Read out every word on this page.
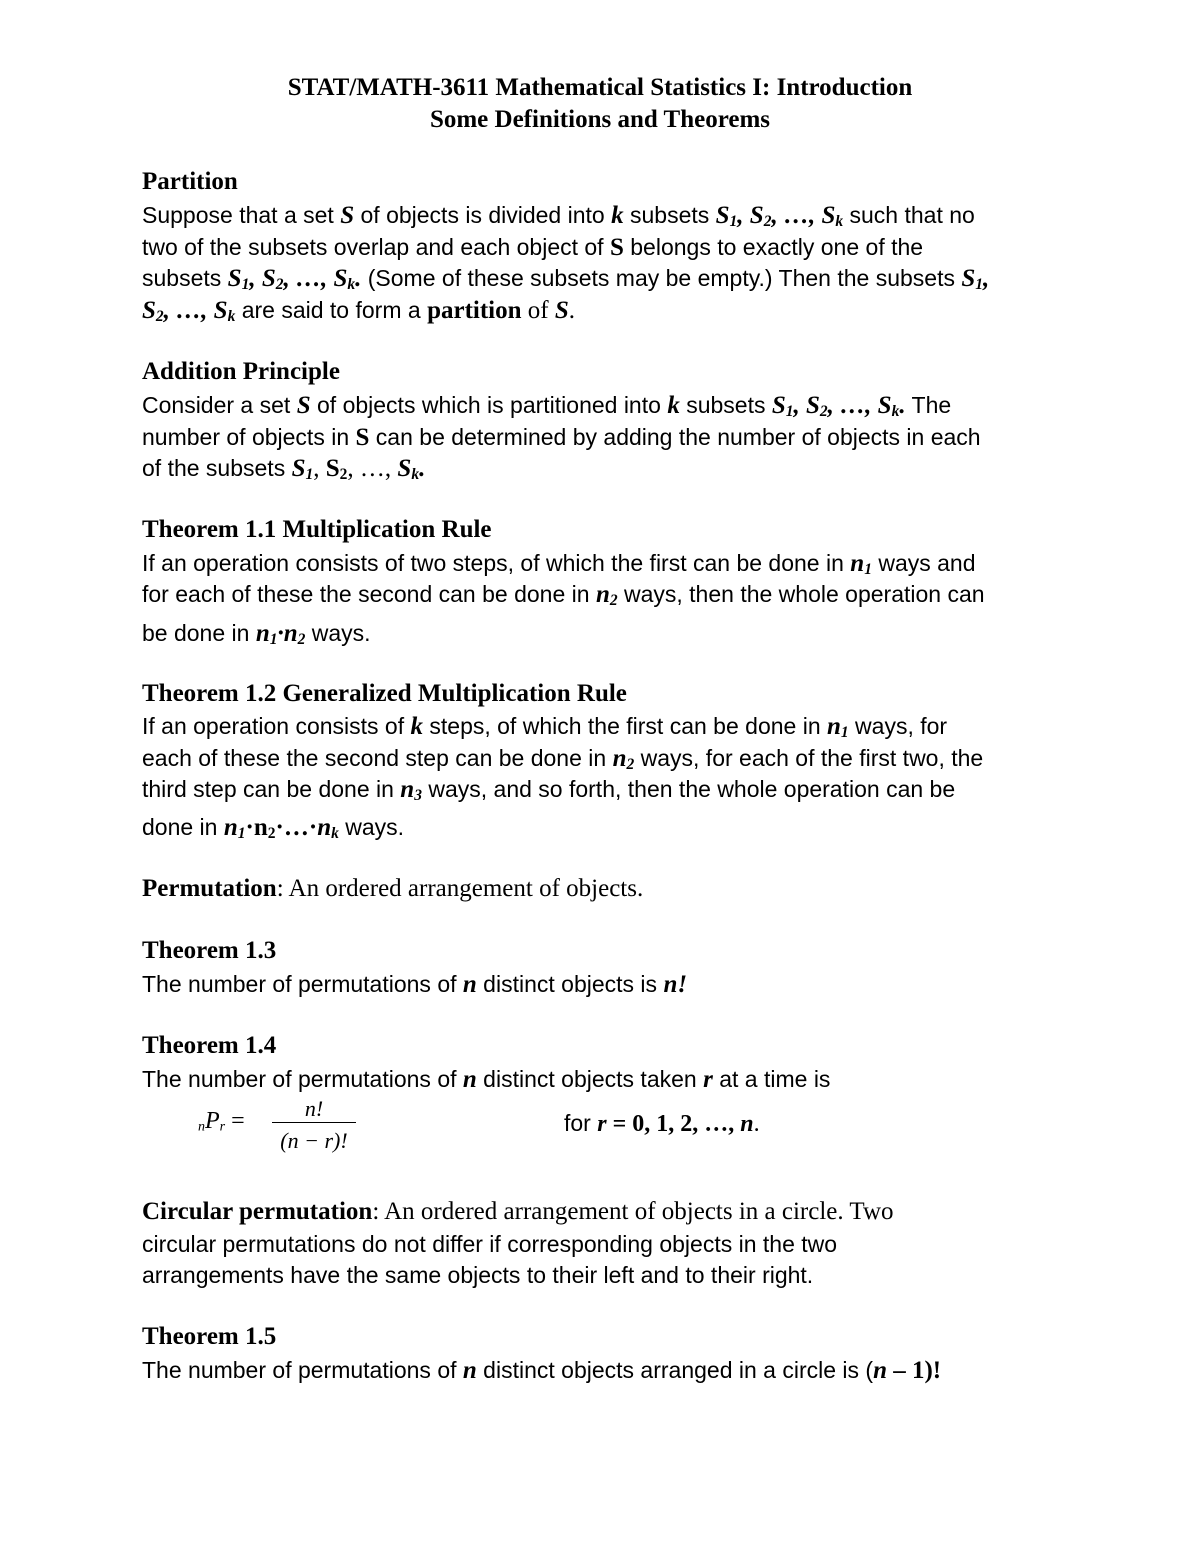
STAT/MATH-3611 Mathematical Statistics I: Introduction
Some Definitions and Theorems
Partition
Suppose that a set S of objects is divided into k subsets $S_1$, $S_2$, …, $S_k$ such that no
two of the subsets overlap and each object of S belongs to exactly one of the
subsets $S_1$, $S_2$, …, $S_k$. (Some of these subsets may be empty.) Then the subsets $S_1$,
$S_2$, …, $S_k$ are said to form a partition of S.
Addition Principle
Consider a set S of objects which is partitioned into k subsets $S_1$, $S_2$, …, $S_k$. The
number of objects in S can be determined by adding the number of objects in each
of the subsets $S_1$, $S_2$, …, $S_k$.
Theorem 1.1 Multiplication Rule
If an operation consists of two steps, of which the first can be done in $n_1$ ways and
for each of these the second can be done in $n_2$ ways, then the whole operation can
be done in $n_1\cdot n_2$ ways.
Theorem 1.2 Generalized Multiplication Rule
If an operation consists of k steps, of which the first can be done in $n_1$ ways, for
each of these the second step can be done in $n_2$ ways, for each of the first two, the
third step can be done in $n_3$ ways, and so forth, then the whole operation can be
done in $n_1\cdot n_2\cdot\dots\cdot n_k$ ways.
Permutation: An ordered arrangement of objects.
Theorem 1.3
The number of permutations of n distinct objects is n!
Theorem 1.4
The number of permutations of n distinct objects taken r at a time is
$_nP_r$ =	n!
(n − r)!
for r = 0, 1, 2, …, n.
Circular permutation: An ordered arrangement of objects in a circle. Two
circular permutations do not differ if corresponding objects in the two
arrangements have the same objects to their left and to their right.
Theorem 1.5
The number of permutations of n distinct objects arranged in a circle is (n – 1)!
